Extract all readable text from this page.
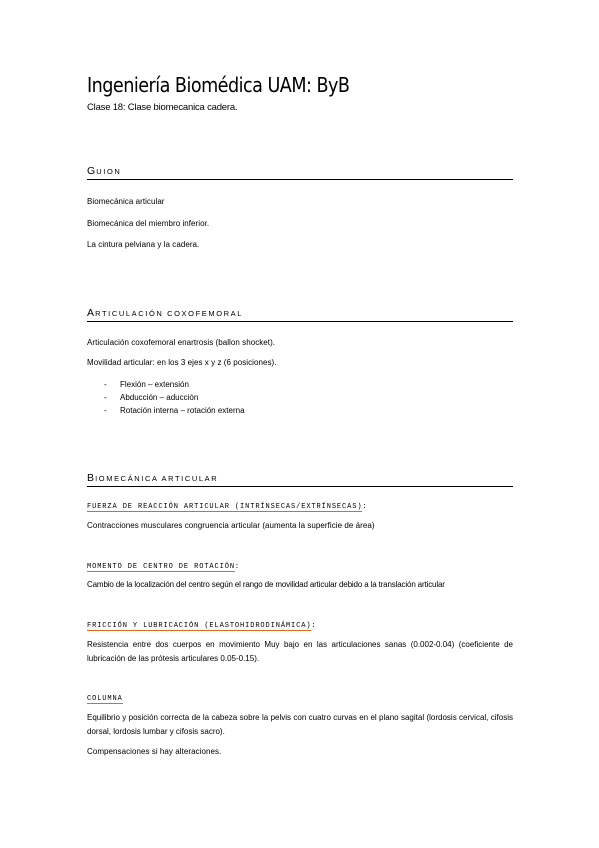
Ingeniería Biomédica UAM: ByB
Clase 18: Clase biomecanica cadera.
GUION
Biomecánica articular
Biomecánica del miembro inferior.
La cintura pelviana y la cadera.
ARTICULACIÓN COXOFEMORAL
Articulación coxofemoral enartrosis (ballon shocket).
Movilidad articular: en los 3 ejes x y z (6 posiciones).
- Flexión – extensión
- Abducción – aducción
- Rotación interna – rotación externa
BIOMECÁNICA ARTICULAR
FUERZA DE REACCIÓN ARTICULAR (INTRÍNSECAS/EXTRÍNSECAS):
Contracciones musculares congruencia articular (aumenta la superficie de área)
MOMENTO DE CENTRO DE ROTACIÓN:
Cambio de la localización del centro según el rango de movilidad articular debido a la translación articular
FRICCIÓN Y LUBRICACIÓN (ELASTOHIDRODINÁMICA):
Resistencia entre dos cuerpos en movimiento Muy bajo en las articulaciones sanas (0.002-0.04) (coeficiente de lubricación de las prótesis articulares 0.05-0.15).
COLUMNA
Equilibrio y posición correcta de la cabeza sobre la pelvis con cuatro curvas en el plano sagital (lordosis cervical, cifosis dorsal, lordosis lumbar y cifosis sacro).
Compensaciones si hay alteraciones.
